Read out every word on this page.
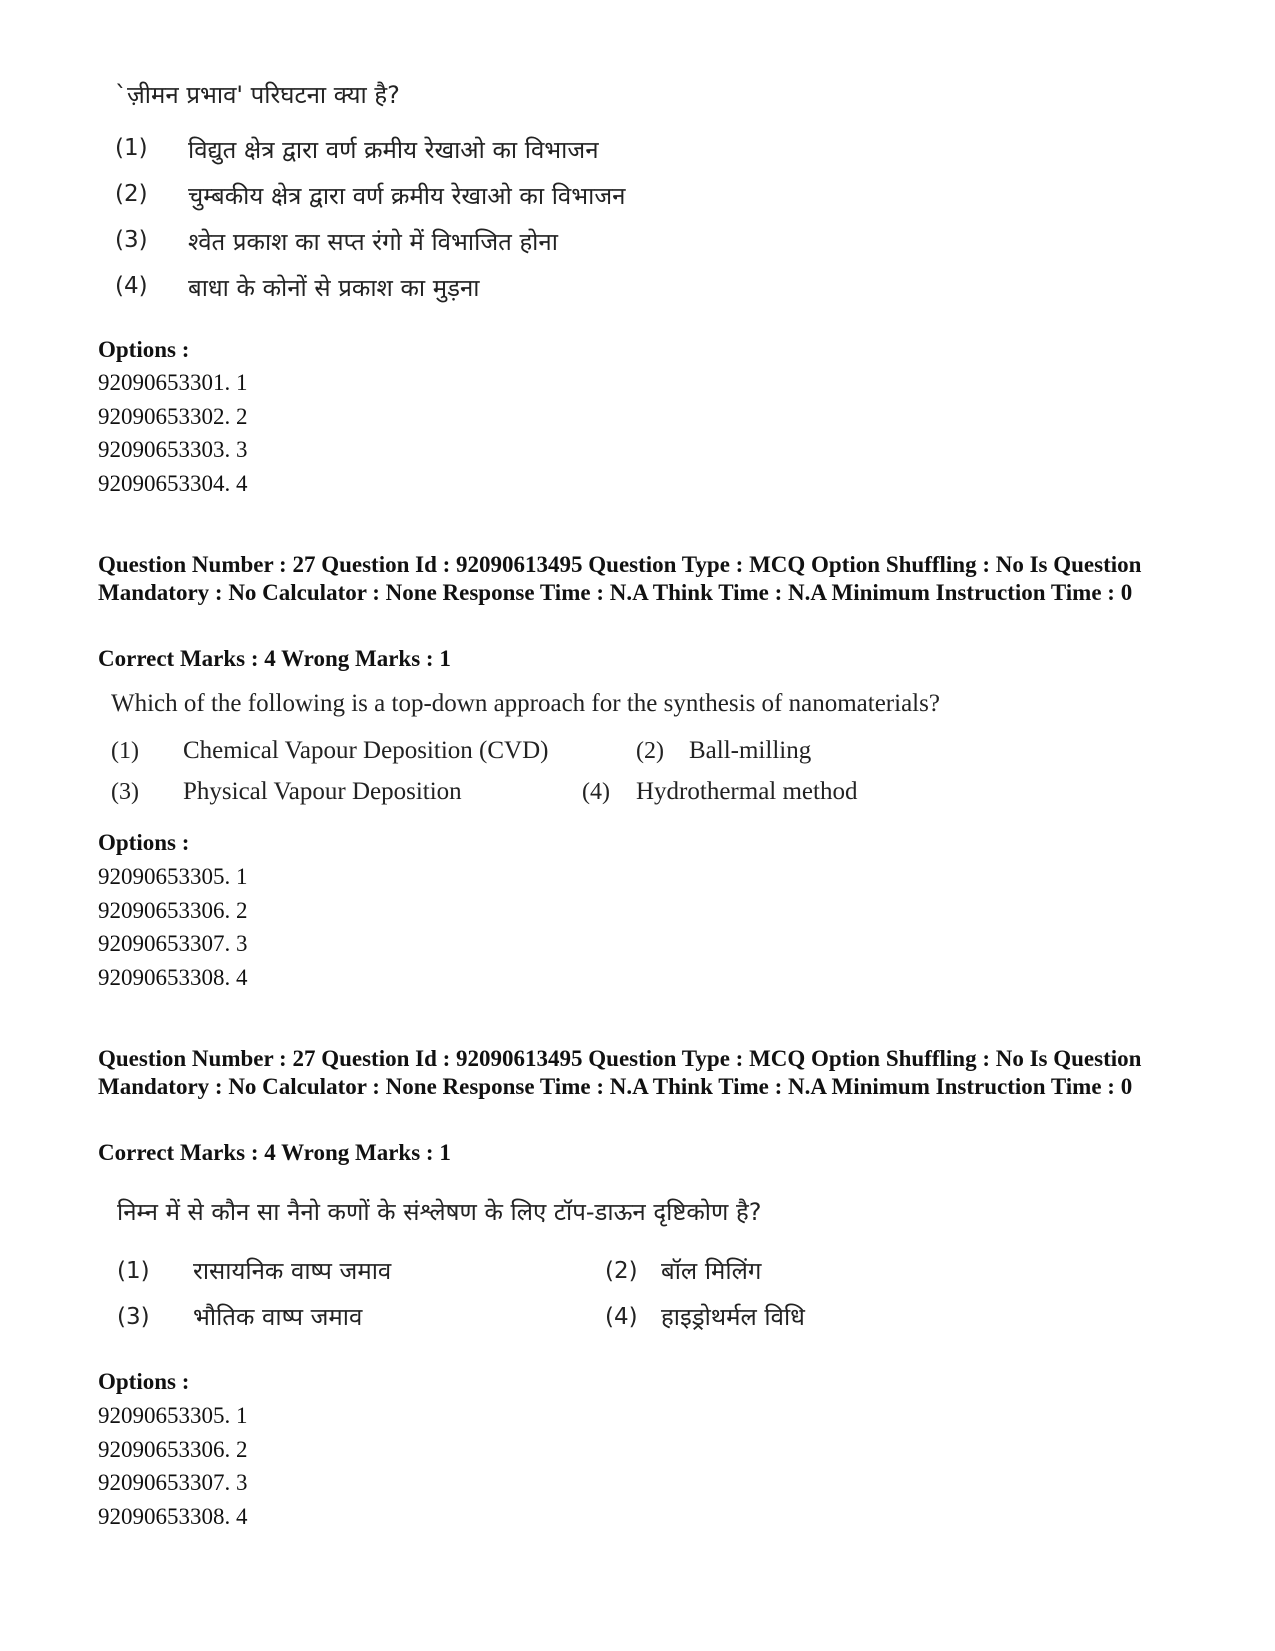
`ज़ीमन प्रभाव' परिघटना क्या है?
(1) विद्युत क्षेत्र द्वारा वर्ण क्रमीय रेखाओ का विभाजन
(2) चुम्बकीय क्षेत्र द्वारा वर्ण क्रमीय रेखाओ का विभाजन
(3) श्वेत प्रकाश का सप्त रंगो में विभाजित होना
(4) बाधा के कोनों से प्रकाश का मुड़ना
Options :
92090653301. 1
92090653302. 2
92090653303. 3
92090653304. 4
Question Number : 27 Question Id : 92090613495 Question Type : MCQ Option Shuffling : No Is Question Mandatory : No Calculator : None Response Time : N.A Think Time : N.A Minimum Instruction Time : 0
Correct Marks : 4 Wrong Marks : 1
Which of the following is a top-down approach for the synthesis of nanomaterials?
(1) Chemical Vapour Deposition (CVD)	(2) Ball-milling
(3) Physical Vapour Deposition	(4) Hydrothermal method
Options :
92090653305. 1
92090653306. 2
92090653307. 3
92090653308. 4
Question Number : 27 Question Id : 92090613495 Question Type : MCQ Option Shuffling : No Is Question Mandatory : No Calculator : None Response Time : N.A Think Time : N.A Minimum Instruction Time : 0
Correct Marks : 4 Wrong Marks : 1
निम्न में से कौन सा नैनो कणों के संश्लेषण के लिए टॉप-डाऊन दृष्टिकोण है?
(1) रासायनिक वाष्प जमाव	(2) बॉल मिलिंग
(3) भौतिक वाष्प जमाव	(4) हाइड्रोथर्मल विधि
Options :
92090653305. 1
92090653306. 2
92090653307. 3
92090653308. 4
